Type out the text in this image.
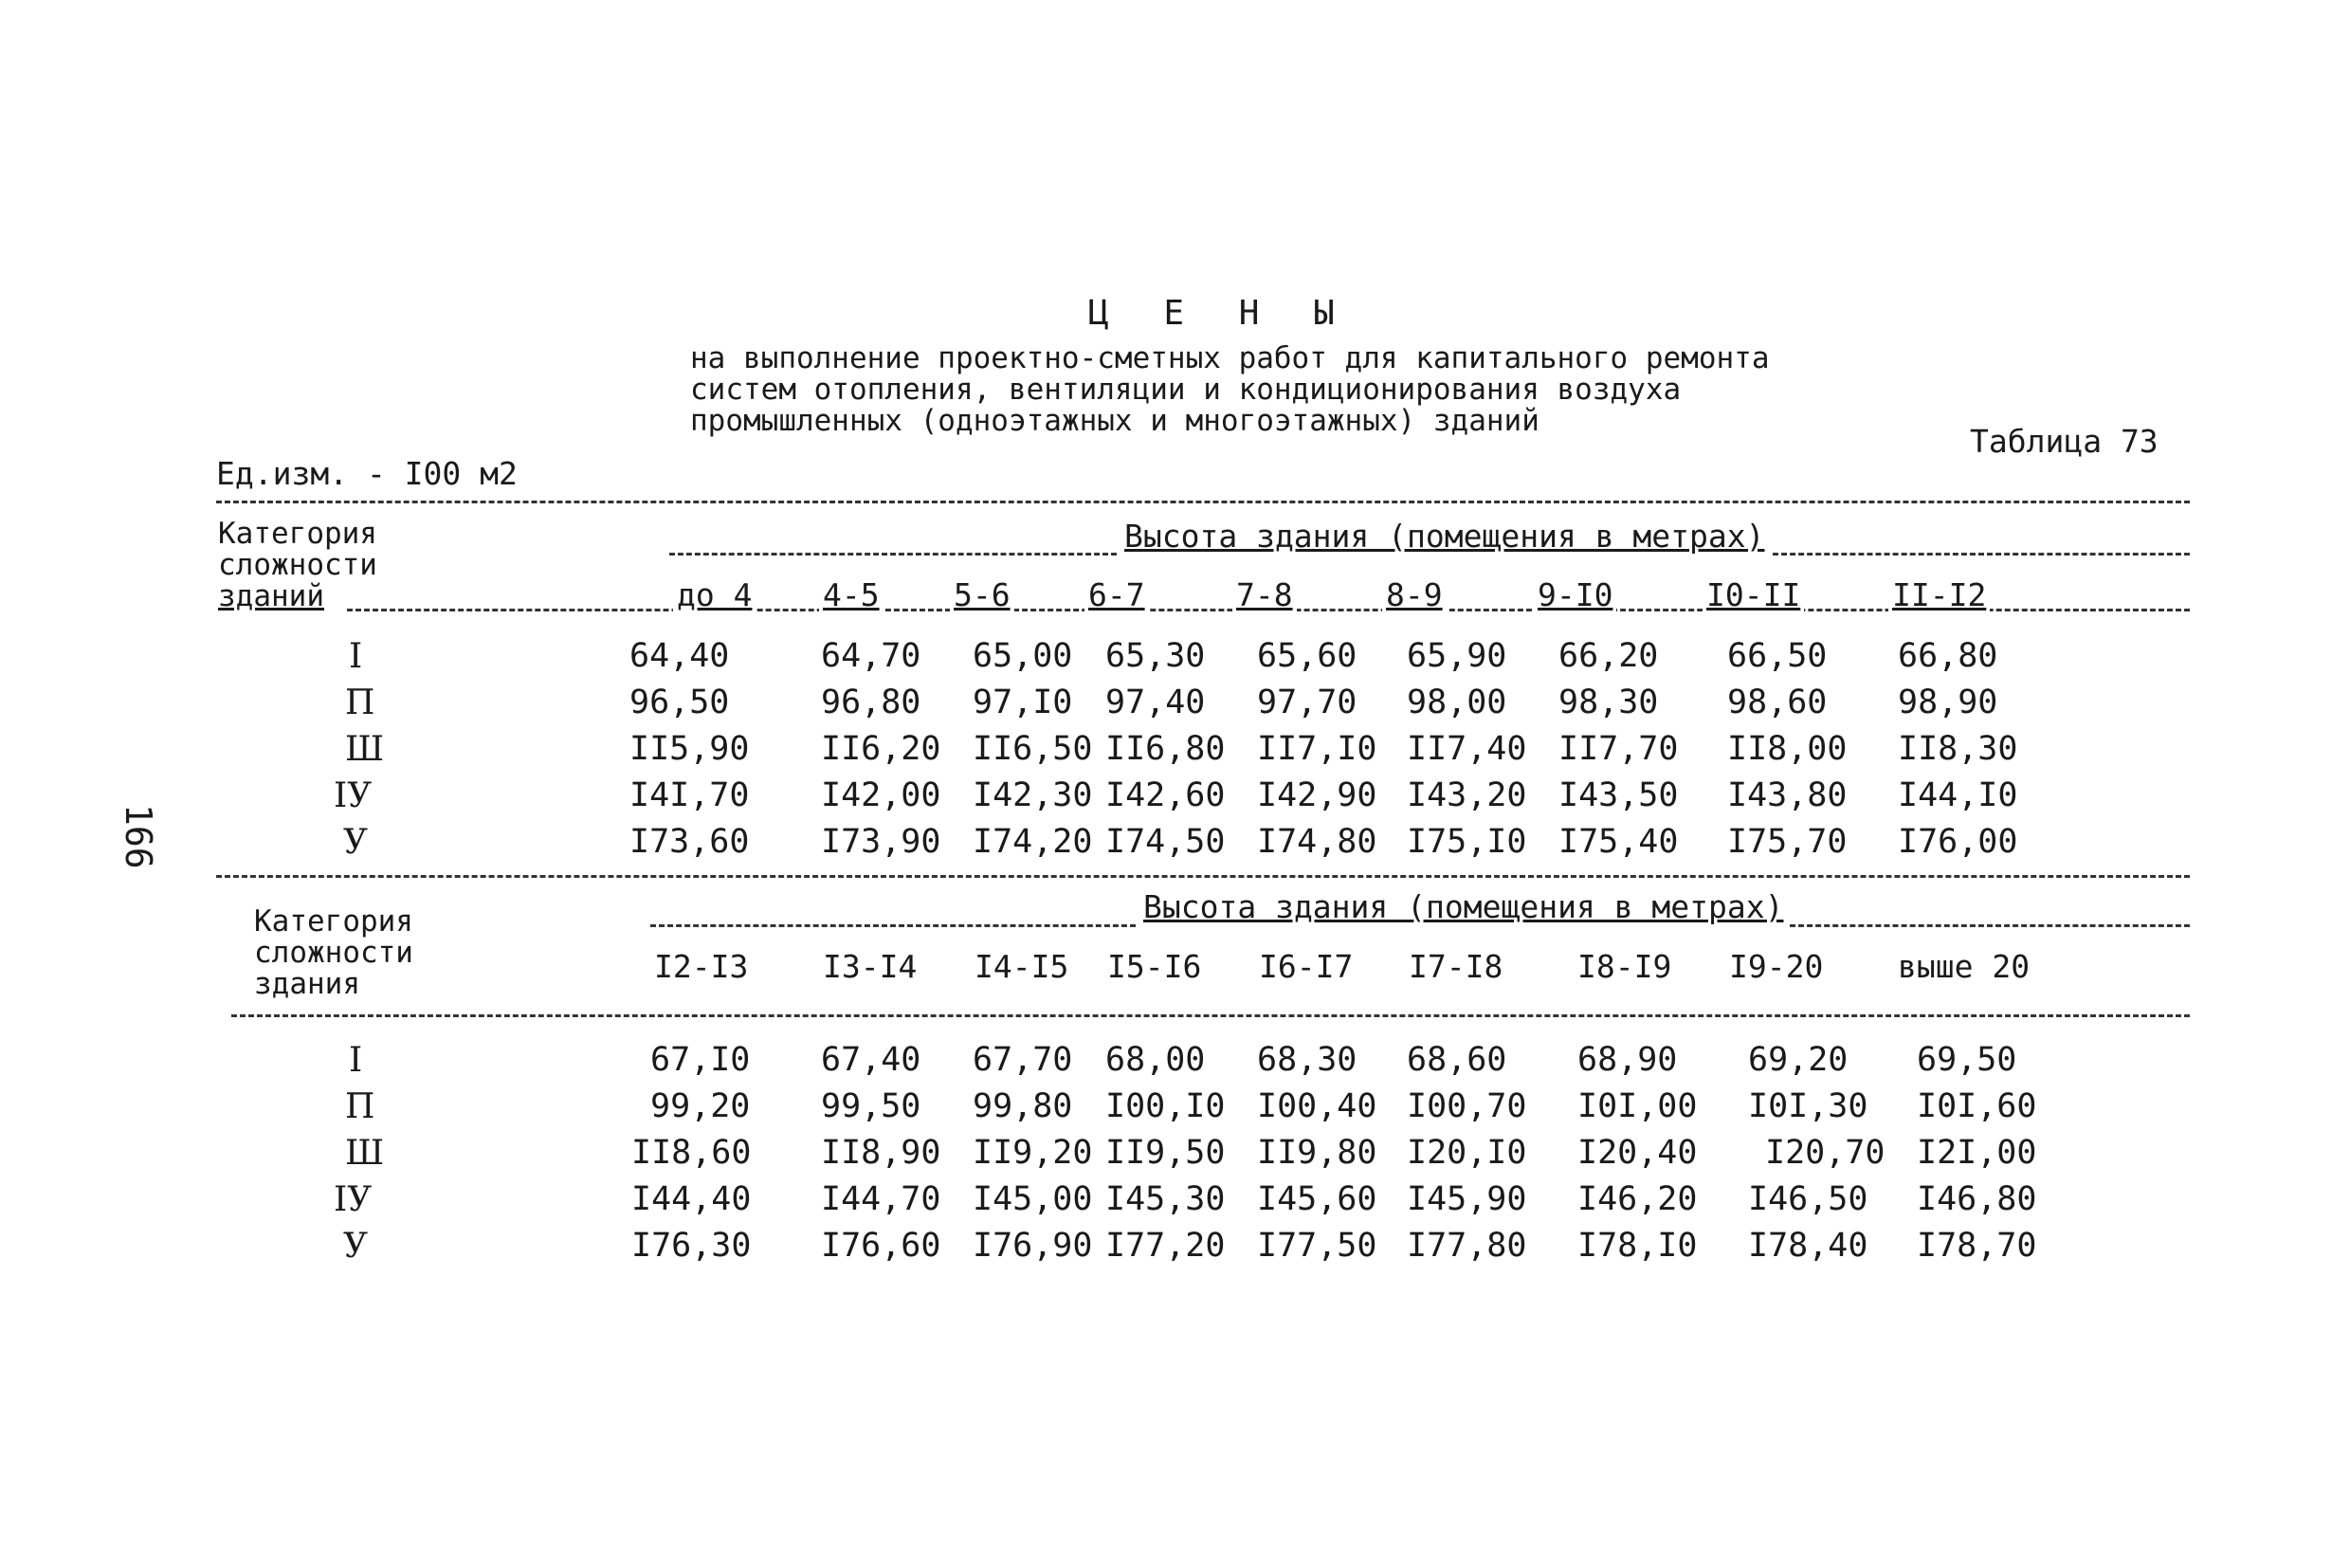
Ц Е Н Ы
на выполнение проектно-сметных работ для капитального ремонта
систем отопления, вентиляции и кондиционирования воздуха
промышленных (одноэтажных и многоэтажных) зданий
Таблица 73
Ед.изм. - I00 м2
166
Категория
сложности
зданий
Высота здания (помещения в метрах)
до 4 4-5 5-6 6-7	7-8	8-9	9-I0	I0-II	II-I2
I	64,40	64,70 65,00 65,30 65,60 65,90 66,20 66,50 66,80
П	96,50	96,80 97,I0 97,40 97,70 98,00 98,30 98,60 98,90
Ш	II5,90 II6,20 II6,50 II6,80 II7,I0 II7,40 II7,70 II8,00 II8,30
IУ	I4I,70 I42,00 I42,30 I42,60 I42,90 I43,20 I43,50 I43,80 I44,I0
У	I73,60 I73,90 I74,20 I74,50 I74,80 I75,I0 I75,40 I75,70 I76,00
Категория
сложности
здания
Высота здания (помещения в метрах)
I2-I3 I3-I4 I4-I5 I5-I6 I6-I7 I7-I8 I8-I9 I9-20 выше 20
I	67,I0 67,40 67,70 68,00 68,30 68,60 68,90 69,20 69,50
П	99,20 99,50 99,80 I00,I0 I00,40 I00,70 I0I,00 I0I,30 I0I,60
Ш	II8,60 II8,90 II9,20 II9,50 II9,80 I20,I0 I20,40 I20,70 I2I,00
IУ	I44,40 I44,70 I45,00 I45,30 I45,60 I45,90 I46,20 I46,50 I46,80
У	I76,30 I76,60 I76,90 I77,20 I77,50 I77,80 I78,I0 I78,40 I78,70
